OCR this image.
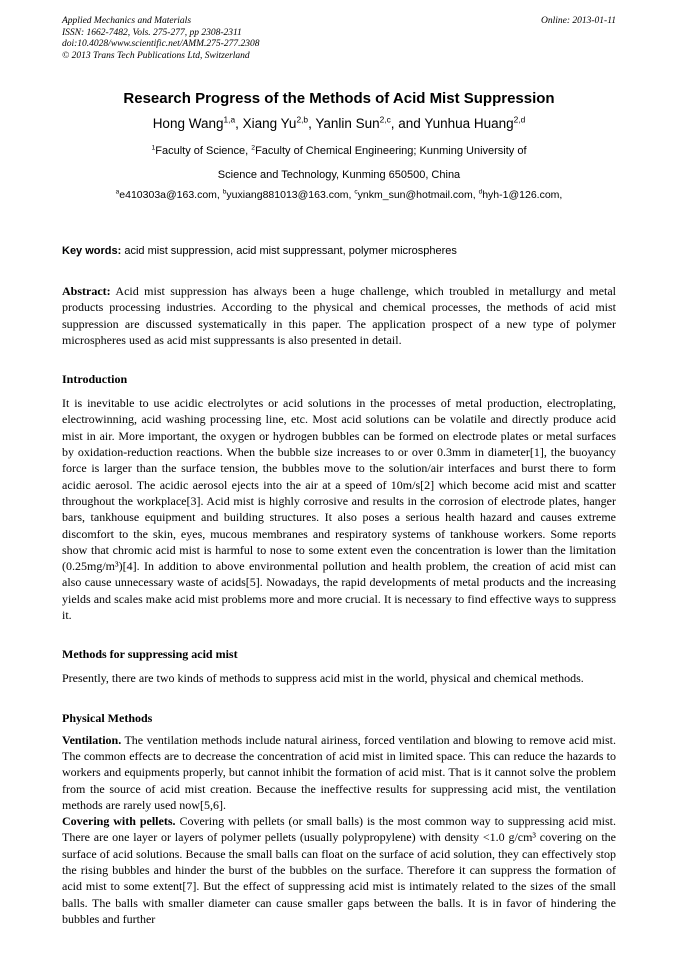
Applied Mechanics and Materials
ISSN: 1662-7482, Vols. 275-277, pp 2308-2311
doi:10.4028/www.scientific.net/AMM.275-277.2308
© 2013 Trans Tech Publications Ltd, Switzerland
Online: 2013-01-11
Research Progress of the Methods of Acid Mist Suppression
Hong Wang$^{1,a}$, Xiang Yu$^{2,b}$, Yanlin Sun$^{2,c}$, and Yunhua Huang$^{2,d}$
$^1$Faculty of Science, $^2$Faculty of Chemical Engineering; Kunming University of
Science and Technology, Kunming 650500, China
$^a$e410303a@163.com, $^b$yuxiang881013@163.com, $^c$ynkm_sun@hotmail.com, $^d$hyh-1@126.com,

Key words: acid mist suppression, acid mist suppressant, polymer microspheres

Abstract: Acid mist suppression has always been a huge challenge, which troubled in metallurgy and metal products processing industries. According to the physical and chemical processes, the methods of acid mist suppression are discussed systematically in this paper. The application prospect of a new type of polymer microspheres used as acid mist suppressants is also presented in detail.

Introduction

It is inevitable to use acidic electrolytes or acid solutions in the processes of metal production, electroplating, electrowinning, acid washing processing line, etc. Most acid solutions can be volatile and directly produce acid mist in air. More important, the oxygen or hydrogen bubbles can be formed on electrode plates or metal surfaces by oxidation-reduction reactions. When the bubble size increases to or over 0.3mm in diameter[1], the buoyancy force is larger than the surface tension, the bubbles move to the solution/air interfaces and burst there to form acidic aerosol. The acidic aerosol ejects into the air at a speed of 10m/s[2] which become acid mist and scatter throughout the workplace[3]. Acid mist is highly corrosive and results in the corrosion of electrode plates, hanger bars, tankhouse equipment and building structures. It also poses a serious health hazard and causes extreme discomfort to the skin, eyes, mucous membranes and respiratory systems of tankhouse workers. Some reports show that chromic acid mist is harmful to nose to some extent even the concentration is lower than the limitation (0.25mg/m³)[4]. In addition to above environmental pollution and health problem, the creation of acid mist can also cause unnecessary waste of acids[5]. Nowadays, the rapid developments of metal products and the increasing yields and scales make acid mist problems more and more crucial. It is necessary to find effective ways to suppress it.

Methods for suppressing acid mist

Presently, there are two kinds of methods to suppress acid mist in the world, physical and chemical methods.

Physical Methods

Ventilation. The ventilation methods include natural airiness, forced ventilation and blowing to remove acid mist. The common effects are to decrease the concentration of acid mist in limited space. This can reduce the hazards to workers and equipments properly, but cannot inhibit the formation of acid mist. That is it cannot solve the problem from the source of acid mist creation. Because the ineffective results for suppressing acid mist, the ventilation methods are rarely used now[5,6].

Covering with pellets. Covering with pellets (or small balls) is the most common way to suppressing acid mist. There are one layer or layers of polymer pellets (usually polypropylene) with density <1.0 g/cm³ covering on the surface of acid solutions. Because the small balls can float on the surface of acid solution, they can effectively stop the rising bubbles and hinder the burst of the bubbles on the surface. Therefore it can suppress the formation of acid mist to some extent[7]. But the effect of suppressing acid mist is intimately related to the sizes of the small balls. The balls with smaller diameter can cause smaller gaps between the balls. It is in favor of hindering the bubbles and further
